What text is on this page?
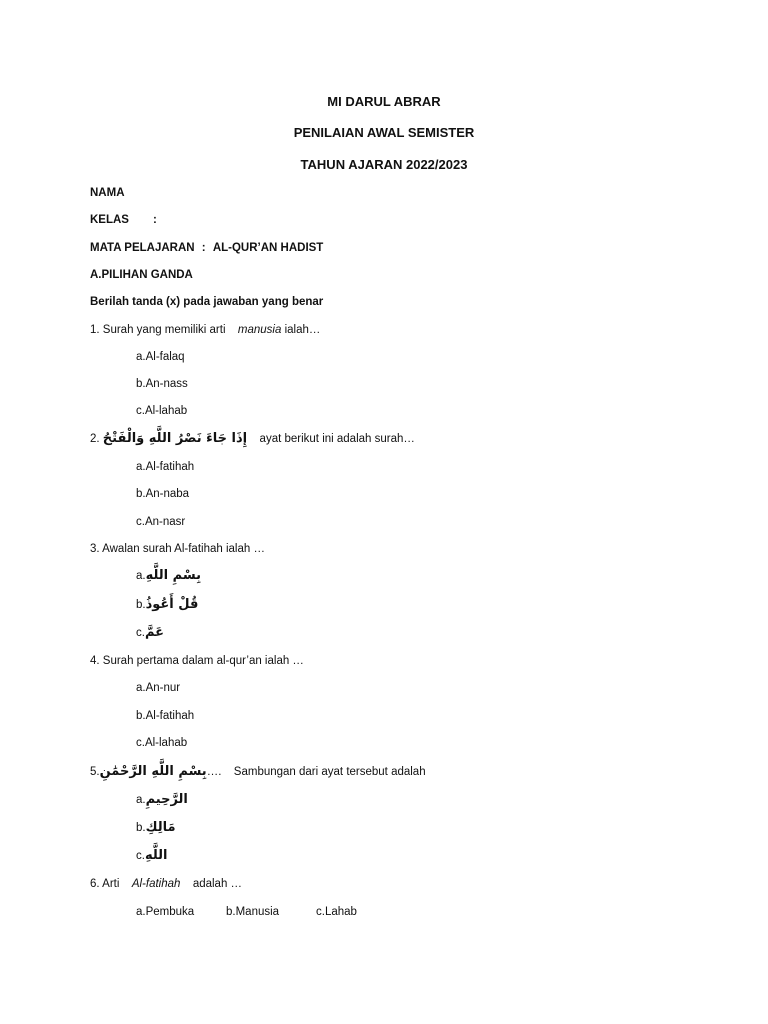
MI DARUL ABRAR
PENILAIAN AWAL SEMISTER
TAHUN AJARAN 2022/2023
NAMA
KELAS :
MATA PELAJARAN : AL-QUR’AN HADIST
A.PILIHAN GANDA
Berilah tanda (x) pada jawaban yang benar
1. Surah yang memiliki arti manusia ialah…
a.Al-falaq
b.An-nass
c.Al-lahab
2. إِذَا جَاءَ نَصْرُ اللَّهِ وَالْفَتْحُ ayat berikut ini adalah surah…
a.Al-fatihah
b.An-naba
c.An-nasr
3. Awalan surah Al-fatihah ialah …
a.بِسْمِ اللَّهِ
b.قُلْ أَعُوذُ
c.عَمَّ
4. Surah pertama dalam al-qur’an ialah …
a.An-nur
b.Al-fatihah
c.Al-lahab
5.بِسْمِ اللَّهِ الرَّحْمَٰنِ…. Sambungan dari ayat tersebut adalah
a.الرَّحِيمِ
b.مَالِكِ
c.اللَّهِ
6. Arti Al-fatihah adalah …
a.Pembuka	b.Manusia	c.Lahab
